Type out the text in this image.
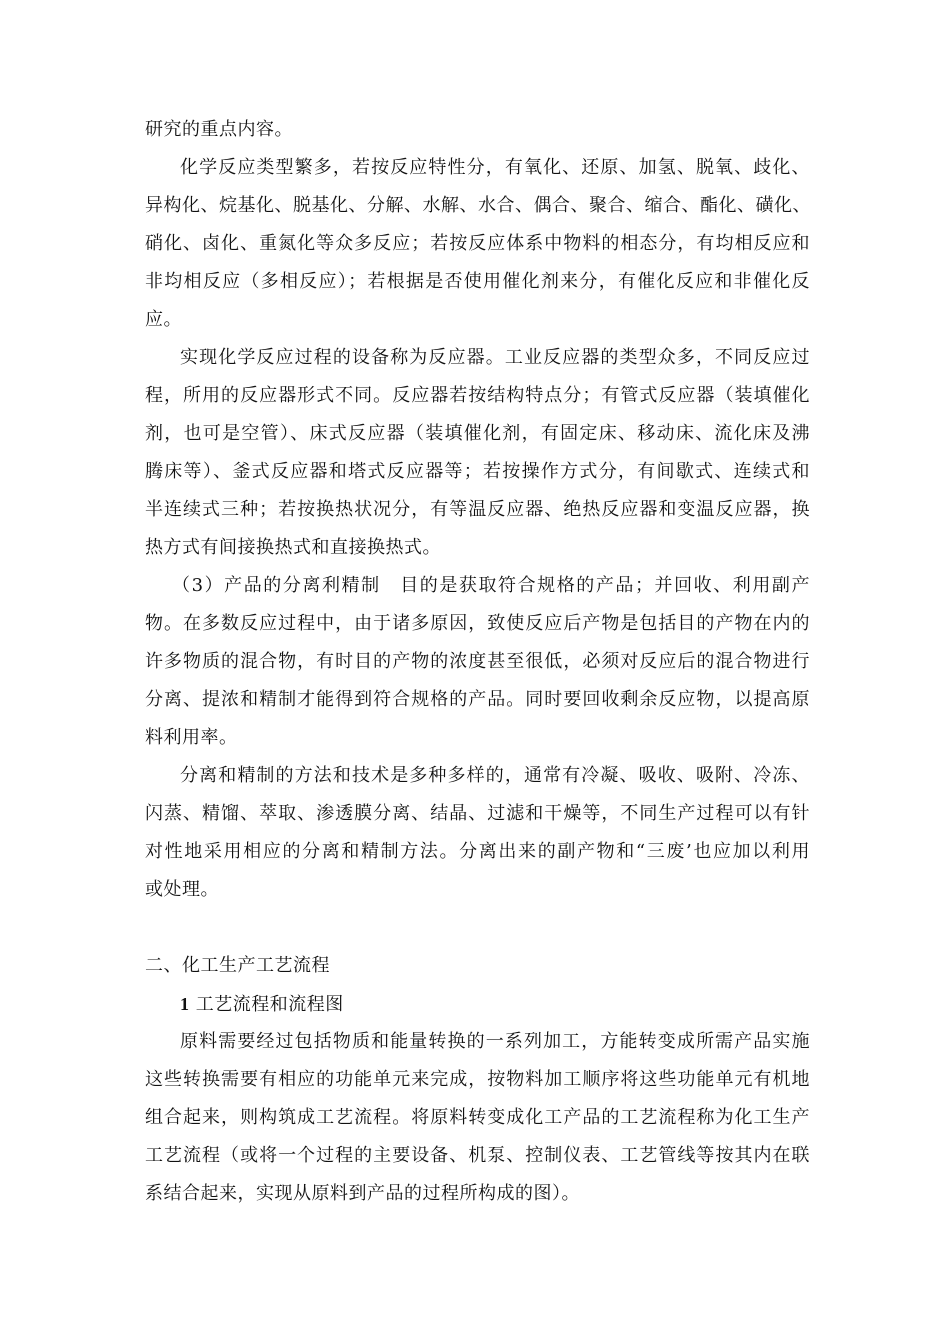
研究的重点内容。
化学反应类型繁多，若按反应特性分，有氧化、还原、加氢、脱氧、歧化、
异构化、烷基化、脱基化、分解、水解、水合、偶合、聚合、缩合、酯化、磺化、
硝化、卤化、重氮化等众多反应；若按反应体系中物料的相态分，有均相反应和
非均相反应（多相反应）；若根据是否使用催化剂来分，有催化反应和非催化反
应。
实现化学反应过程的设备称为反应器。工业反应器的类型众多，不同反应过
程，所用的反应器形式不同。反应器若按结构特点分；有管式反应器（装填催化
剂，也可是空管）、床式反应器（装填催化剂，有固定床、移动床、流化床及沸
腾床等）、釜式反应器和塔式反应器等；若按操作方式分，有间歇式、连续式和
半连续式三种；若按换热状况分，有等温反应器、绝热反应器和变温反应器，换
热方式有间接换热式和直接换热式。
（3）产品的分离利精制　目的是获取符合规格的产品；并回收、利用副产
物。在多数反应过程中，由于诸多原因，致使反应后产物是包括目的产物在内的
许多物质的混合物，有时目的产物的浓度甚至很低，必须对反应后的混合物进行
分离、提浓和精制才能得到符合规格的产品。同时要回收剩余反应物，以提高原
料利用率。
分离和精制的方法和技术是多种多样的，通常有冷凝、吸收、吸附、冷冻、
闪蒸、精馏、萃取、渗透膜分离、结晶、过滤和干燥等，不同生产过程可以有针
对性地采用相应的分离和精制方法。分离出来的副产物和“三废’也应加以利用
或处理。
二、化工生产工艺流程
1 工艺流程和流程图
原料需要经过包括物质和能量转换的一系列加工，方能转变成所需产品实施
这些转换需要有相应的功能单元来完成，按物料加工顺序将这些功能单元有机地
组合起来，则构筑成工艺流程。将原料转变成化工产品的工艺流程称为化工生产
工艺流程（或将一个过程的主要设备、机泵、控制仪表、工艺管线等按其内在联
系结合起来，实现从原料到产品的过程所构成的图）。
